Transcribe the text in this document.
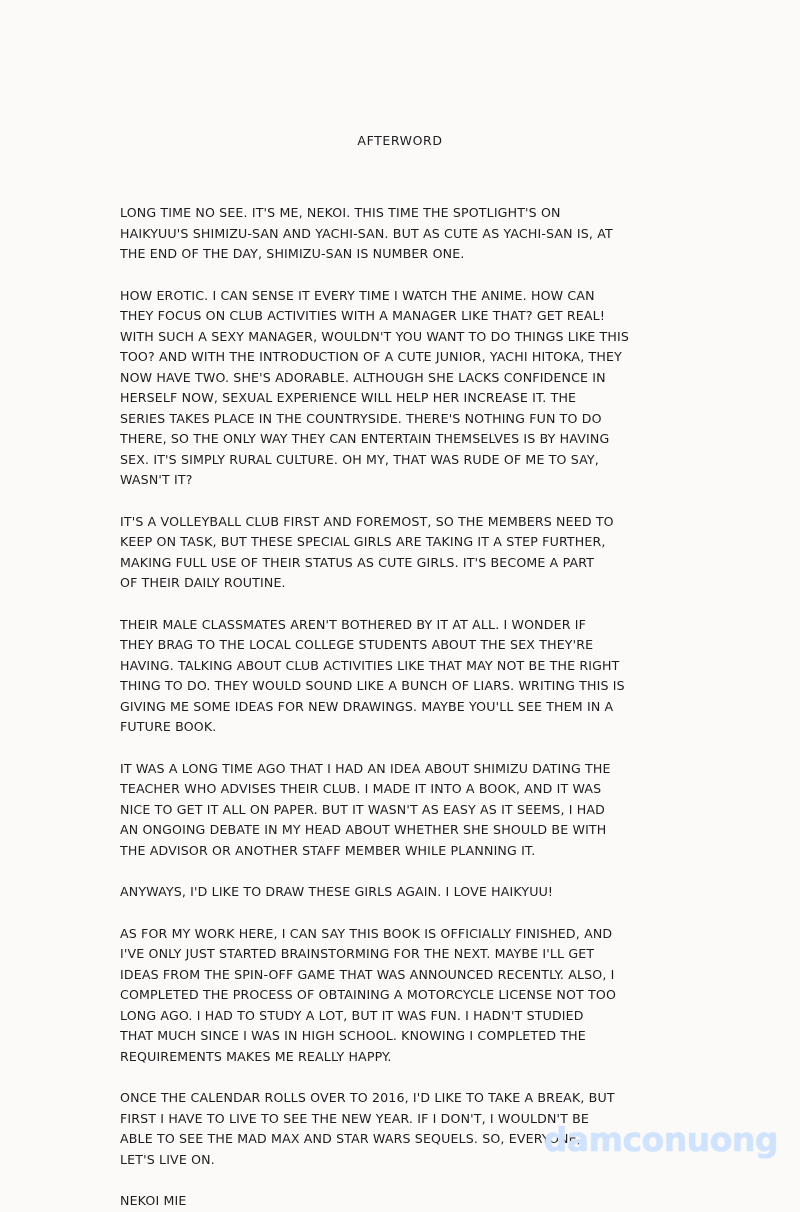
AFTERWORD

LONG TIME NO SEE. IT'S ME, NEKOI. THIS TIME THE SPOTLIGHT'S ON
HAIKYUU'S SHIMIZU-SAN AND YACHI-SAN. BUT AS CUTE AS YACHI-SAN IS, AT
THE END OF THE DAY, SHIMIZU-SAN IS NUMBER ONE.

HOW EROTIC. I CAN SENSE IT EVERY TIME I WATCH THE ANIME. HOW CAN
THEY FOCUS ON CLUB ACTIVITIES WITH A MANAGER LIKE THAT? GET REAL!
WITH SUCH A SEXY MANAGER, WOULDN'T YOU WANT TO DO THINGS LIKE THIS
TOO? AND WITH THE INTRODUCTION OF A CUTE JUNIOR, YACHI HITOKA, THEY
NOW HAVE TWO. SHE'S ADORABLE. ALTHOUGH SHE LACKS CONFIDENCE IN
HERSELF NOW, SEXUAL EXPERIENCE WILL HELP HER INCREASE IT. THE
SERIES TAKES PLACE IN THE COUNTRYSIDE. THERE'S NOTHING FUN TO DO
THERE, SO THE ONLY WAY THEY CAN ENTERTAIN THEMSELVES IS BY HAVING
SEX. IT'S SIMPLY RURAL CULTURE. OH MY, THAT WAS RUDE OF ME TO SAY,
WASN'T IT?

IT'S A VOLLEYBALL CLUB FIRST AND FOREMOST, SO THE MEMBERS NEED TO
KEEP ON TASK, BUT THESE SPECIAL GIRLS ARE TAKING IT A STEP FURTHER,
MAKING FULL USE OF THEIR STATUS AS CUTE GIRLS. IT'S BECOME A PART
OF THEIR DAILY ROUTINE.

THEIR MALE CLASSMATES AREN'T BOTHERED BY IT AT ALL. I WONDER IF
THEY BRAG TO THE LOCAL COLLEGE STUDENTS ABOUT THE SEX THEY'RE
HAVING. TALKING ABOUT CLUB ACTIVITIES LIKE THAT MAY NOT BE THE RIGHT
THING TO DO. THEY WOULD SOUND LIKE A BUNCH OF LIARS. WRITING THIS IS
GIVING ME SOME IDEAS FOR NEW DRAWINGS. MAYBE YOU'LL SEE THEM IN A
FUTURE BOOK.

IT WAS A LONG TIME AGO THAT I HAD AN IDEA ABOUT SHIMIZU DATING THE
TEACHER WHO ADVISES THEIR CLUB. I MADE IT INTO A BOOK, AND IT WAS
NICE TO GET IT ALL ON PAPER. BUT IT WASN'T AS EASY AS IT SEEMS, I HAD
AN ONGOING DEBATE IN MY HEAD ABOUT WHETHER SHE SHOULD BE WITH
THE ADVISOR OR ANOTHER STAFF MEMBER WHILE PLANNING IT.

ANYWAYS, I'D LIKE TO DRAW THESE GIRLS AGAIN. I LOVE HAIKYUU!

AS FOR MY WORK HERE, I CAN SAY THIS BOOK IS OFFICIALLY FINISHED, AND
I'VE ONLY JUST STARTED BRAINSTORMING FOR THE NEXT. MAYBE I'LL GET
IDEAS FROM THE SPIN-OFF GAME THAT WAS ANNOUNCED RECENTLY. ALSO, I
COMPLETED THE PROCESS OF OBTAINING A MOTORCYCLE LICENSE NOT TOO
LONG AGO. I HAD TO STUDY A LOT, BUT IT WAS FUN. I HADN'T STUDIED
THAT MUCH SINCE I WAS IN HIGH SCHOOL. KNOWING I COMPLETED THE
REQUIREMENTS MAKES ME REALLY HAPPY.

ONCE THE CALENDAR ROLLS OVER TO 2016, I'D LIKE TO TAKE A BREAK, BUT
FIRST I HAVE TO LIVE TO SEE THE NEW YEAR. IF I DON'T, I WOULDN'T BE
ABLE TO SEE THE MAD MAX AND STAR WARS SEQUELS. SO, EVERYONE,
LET'S LIVE ON.

NEKOI MIE

damconuong
